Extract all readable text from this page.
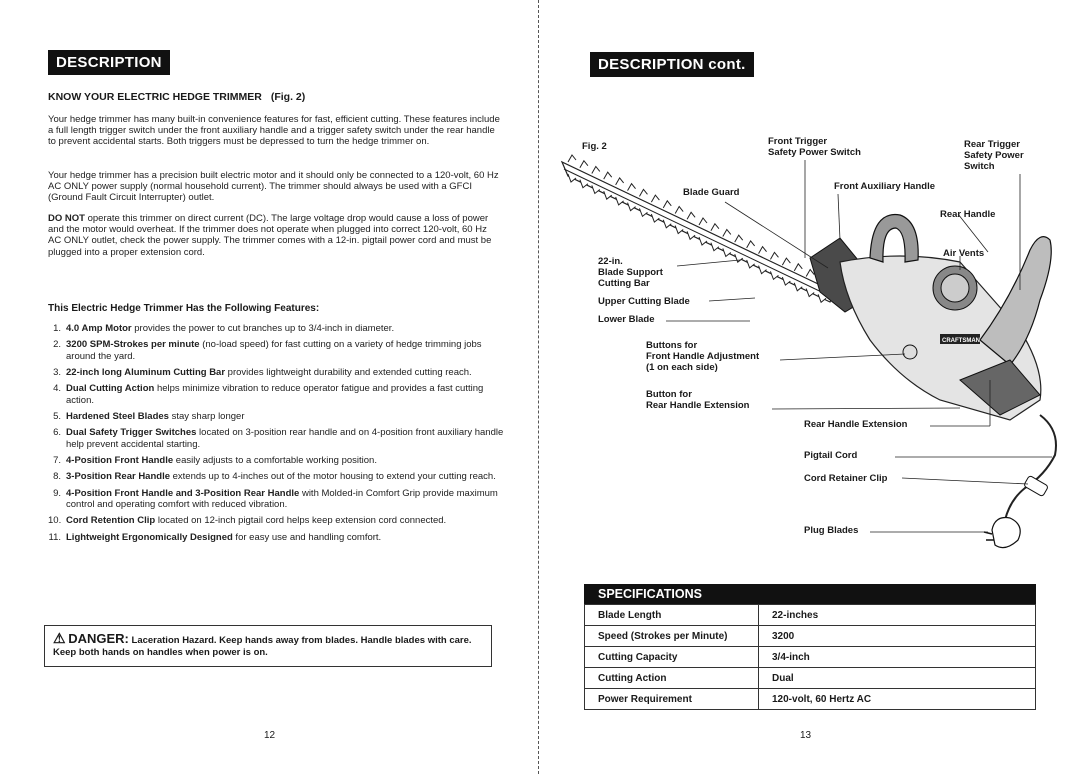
DESCRIPTION
KNOW YOUR ELECTRIC HEDGE TRIMMER (Fig. 2)
Your hedge trimmer has many built-in convenience features for fast, efficient cutting. These features include a full length trigger switch under the front auxiliary handle and a trigger safety switch under the rear handle to prevent accidental starts. Both triggers must be depressed to turn the hedge trimmer on.
Your hedge trimmer has a precision built electric motor and it should only be connected to a 120-volt, 60 Hz AC ONLY power supply (normal household current). The trimmer should always be used with a GFCI (Ground Fault Circuit Interrupter) outlet.
DO NOT operate this trimmer on direct current (DC). The large voltage drop would cause a loss of power and the motor would overheat. If the trimmer does not operate when plugged into correct 120-volt, 60 Hz AC ONLY outlet, check the power supply. The trimmer comes with a 12-in. pigtail power cord and must be plugged into a proper extension cord.
This Electric Hedge Trimmer Has the Following Features:
1. 4.0 Amp Motor provides the power to cut branches up to 3/4-inch in diameter.
2. 3200 SPM-Strokes per minute (no-load speed) for fast cutting on a variety of hedge trimming jobs around the yard.
3. 22-inch long Aluminum Cutting Bar provides lightweight durability and extended cutting reach.
4. Dual Cutting Action helps minimize vibration to reduce operator fatigue and provides a fast cutting action.
5. Hardened Steel Blades stay sharp longer
6. Dual Safety Trigger Switches located on 3-position rear handle and on 4-position front auxiliary handle help prevent accidental starting.
7. 4-Position Front Handle easily adjusts to a comfortable working position.
8. 3-Position Rear Handle extends up to 4-inches out of the motor housing to extend your cutting reach.
9. 4-Position Front Handle and 3-Position Rear Handle with Molded-in Comfort Grip provide maximum control and operating comfort with reduced vibration.
10. Cord Retention Clip located on 12-inch pigtail cord helps keep extension cord connected.
11. Lightweight Ergonomically Designed for easy use and handling comfort.
⚠ DANGER: Laceration Hazard. Keep hands away from blades. Handle blades with care. Keep both hands on handles when power is on.
12
DESCRIPTION cont.
CRAFTSMAN
Fig. 2	Front Trigger
Safety Power Switch
Rear Trigger
Safety Power
Switch
Blade Guard
Front Auxiliary Handle
Rear Handle
Air Vents
22-in.
Blade Support
Cutting Bar
Upper Cutting Blade
Lower Blade
Buttons for
Front Handle Adjustment
(1 on each side)
Button for
Rear Handle Extension
Rear Handle Extension
Pigtail Cord
Cord Retainer Clip
Plug Blades
SPECIFICATIONS
Blade Length	22-inches
Speed (Strokes per Minute)	3200
Cutting Capacity	3/4-inch
Cutting Action	Dual
Power Requirement	120-volt, 60 Hertz AC
13
